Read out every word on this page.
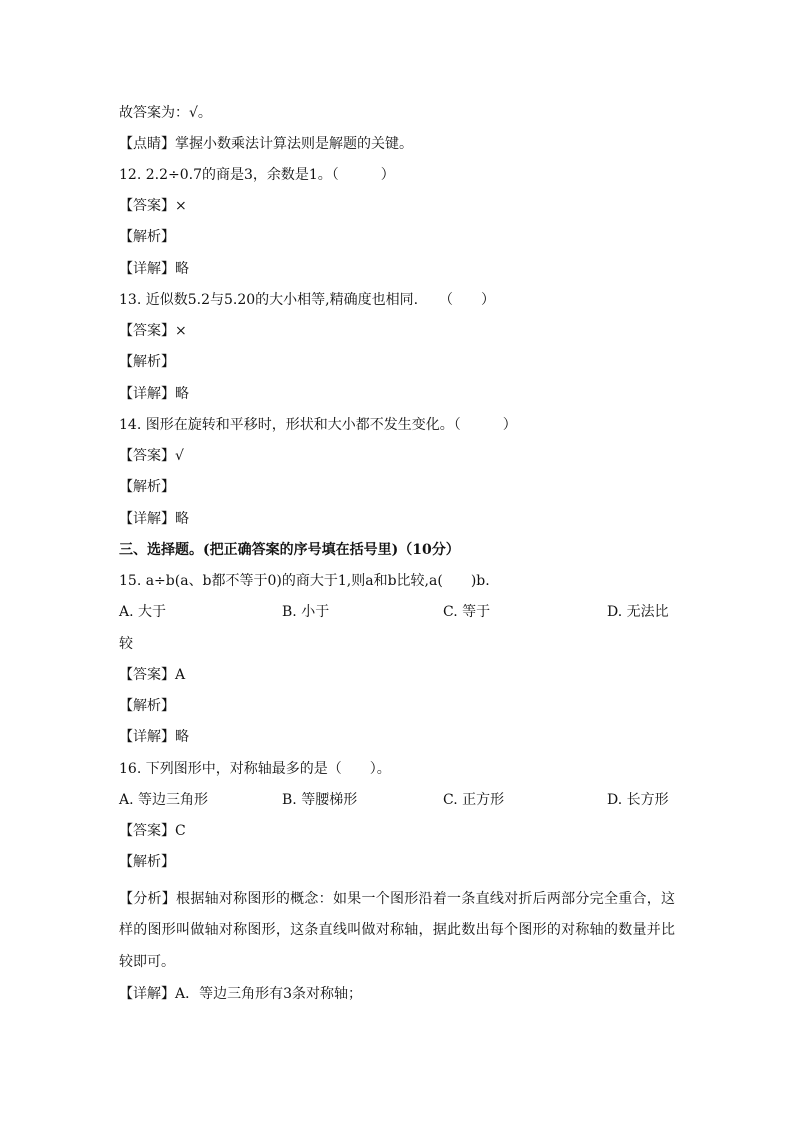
故答案为：√。
【点睛】掌握小数乘法计算法则是解题的关键。
12. 2.2÷0.7的商是3，余数是1。（　　　）
【答案】×
【解析】
【详解】略
13. 近似数5.2与5.20的大小相等,精确度也相同.　　（　　）
【答案】×
【解析】
【详解】略
14. 图形在旋转和平移时，形状和大小都不发生变化。（　　　）
【答案】√
【解析】
【详解】略
三、选择题。(把正确答案的序号填在括号里)（10分）
15. a÷b(a、b都不等于0)的商大于1,则a和b比较,a(　　)b.
A. 大于	B. 小于	C. 等于	D. 无法比
较
【答案】A
【解析】
【详解】略
16. 下列图形中，对称轴最多的是（　　）。
A. 等边三角形	B. 等腰梯形	C. 正方形	D. 长方形
【答案】C
【解析】
【分析】根据轴对称图形的概念：如果一个图形沿着一条直线对折后两部分完全重合，这
样的图形叫做轴对称图形，这条直线叫做对称轴，据此数出每个图形的对称轴的数量并比
较即可。
【详解】A．等边三角形有3条对称轴；
